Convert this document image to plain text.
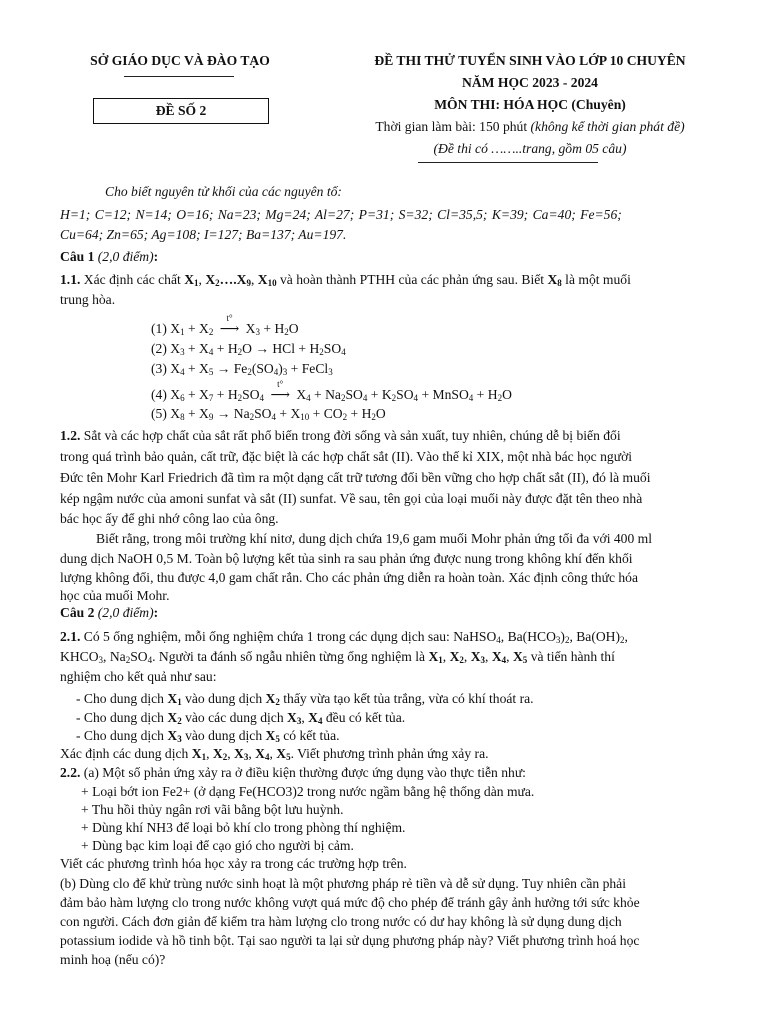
SỞ GIÁO DỤC VÀ ĐÀO TẠO
ĐỀ SỐ 2
ĐỀ THI THỬ TUYỂN SINH VÀO LỚP 10 CHUYÊN
NĂM HỌC 2023 - 2024
MÔN THI: HÓA HỌC (Chuyên)
Thời gian làm bài: 150 phút (không kể thời gian phát đề)
(Đề thi có ……..trang, gồm 05 câu)
Cho biết nguyên tử khối của các nguyên tố:
H=1; C=12; N=14; O=16; Na=23; Mg=24; Al=27; P=31; S=32; Cl=35,5; K=39; Ca=40; Fe=56;
Cu=64; Zn=65; Ag=108; I=127; Ba=137; Au=197.
Câu 1 (2,0 điểm):
1.1. Xác định các chất $X_1$, $X_2\dots.X_9$, $X_{10}$ và hoàn thành PTHH của các phản ứng sau. Biết $X_8$ là một muối
trung hòa.
(1) $X_1 + X_2$
t°
⟶ $X_3 + H_2O$
(2) $X_3 + X_4 + H_2O$ → HCl + $H_2SO_4$
(3) $X_4 + X_5 \to Fe_2(SO_4)_3$ + FeCl$_3$
(4) $X_6 + X_7 + H_2SO_4$
t°
⟶ $X_4 + Na_2SO_4 + K_2SO_4$ + MnSO$_4$ + $H_2O$
(5) $X_8 + X_9 \to Na_2SO_4 + X_{10} + CO_2 + H_2O$
1.2. Sắt và các hợp chất của sắt rất phổ biến trong đời sống và sản xuất, tuy nhiên, chúng dễ bị biến đổi
trong quá trình bảo quản, cất trữ, đặc biệt là các hợp chất sắt (II). Vào thế kỉ XIX, một nhà bác học người
Đức tên Mohr Karl Friedrich đã tìm ra một dạng cất trữ tương đối bền vững cho hợp chất sắt (II), đó là muối
kép ngậm nước của amoni sunfat và sắt (II) sunfat. Về sau, tên gọi của loại muối này được đặt tên theo nhà
bác học ấy để ghi nhớ công lao của ông.
Biết rằng, trong môi trường khí nitơ, dung dịch chứa 19,6 gam muối Mohr phản ứng tối đa với 400 ml
dung dịch NaOH 0,5 M. Toàn bộ lượng kết tủa sinh ra sau phản ứng được nung trong không khí đến khối
lượng không đổi, thu được 4,0 gam chất rắn. Cho các phản ứng diễn ra hoàn toàn. Xác định công thức hóa
học của muối Mohr.
Câu 2 (2,0 điểm):
2.1. Có 5 ống nghiệm, mỗi ống nghiệm chứa 1 trong các dụng dịch sau: NaHSO$_4$, $Ba(HCO_3)_2$, $Ba(OH)_2$,
$KHCO_3$, $Na_2SO_4$. Người ta đánh số ngẫu nhiên từng ống nghiệm là $X_1$, $X_2$, $X_3$, $X_4$, $X_5$ và tiến hành thí
nghiệm cho kết quả như sau:
- Cho dung dịch $X_1$ vào dung dịch $X_2$ thấy vừa tạo kết tủa trắng, vừa có khí thoát ra.
- Cho dung dịch $X_2$ vào các dung dịch $X_3$, $X_4$ đều có kết tủa.
- Cho dung dịch $X_3$ vào dung dịch $X_5$ có kết tủa.
Xác định các dung dịch $X_1$, $X_2$, $X_3$, $X_4$, $X_5$. Viết phương trình phản ứng xảy ra.
2.2. (a) Một số phản ứng xảy ra ở điều kiện thường được ứng dụng vào thực tiễn như:
+ Loại bớt ion Fe2+ (ở dạng Fe(HCO3)2 trong nước ngầm bằng hệ thống dàn mưa.
+ Thu hồi thủy ngân rơi vãi bằng bột lưu huỳnh.
+ Dùng khí NH3 để loại bỏ khí clo trong phòng thí nghiệm.
+ Dùng bạc kim loại để cạo gió cho người bị cảm.
Viết các phương trình hóa học xảy ra trong các trường hợp trên.
(b) Dùng clo để khử trùng nước sinh hoạt là một phương pháp rẻ tiền và dễ sử dụng. Tuy nhiên cần phải
đảm bảo hàm lượng clo trong nước không vượt quá mức độ cho phép để tránh gây ảnh hưởng tới sức khỏe
con người. Cách đơn giản để kiểm tra hàm lượng clo trong nước có dư hay không là sử dụng dung dịch
potassium iodide và hồ tinh bột. Tại sao người ta lại sử dụng phương pháp này? Viết phương trình hoá học
minh hoạ (nếu có)?
